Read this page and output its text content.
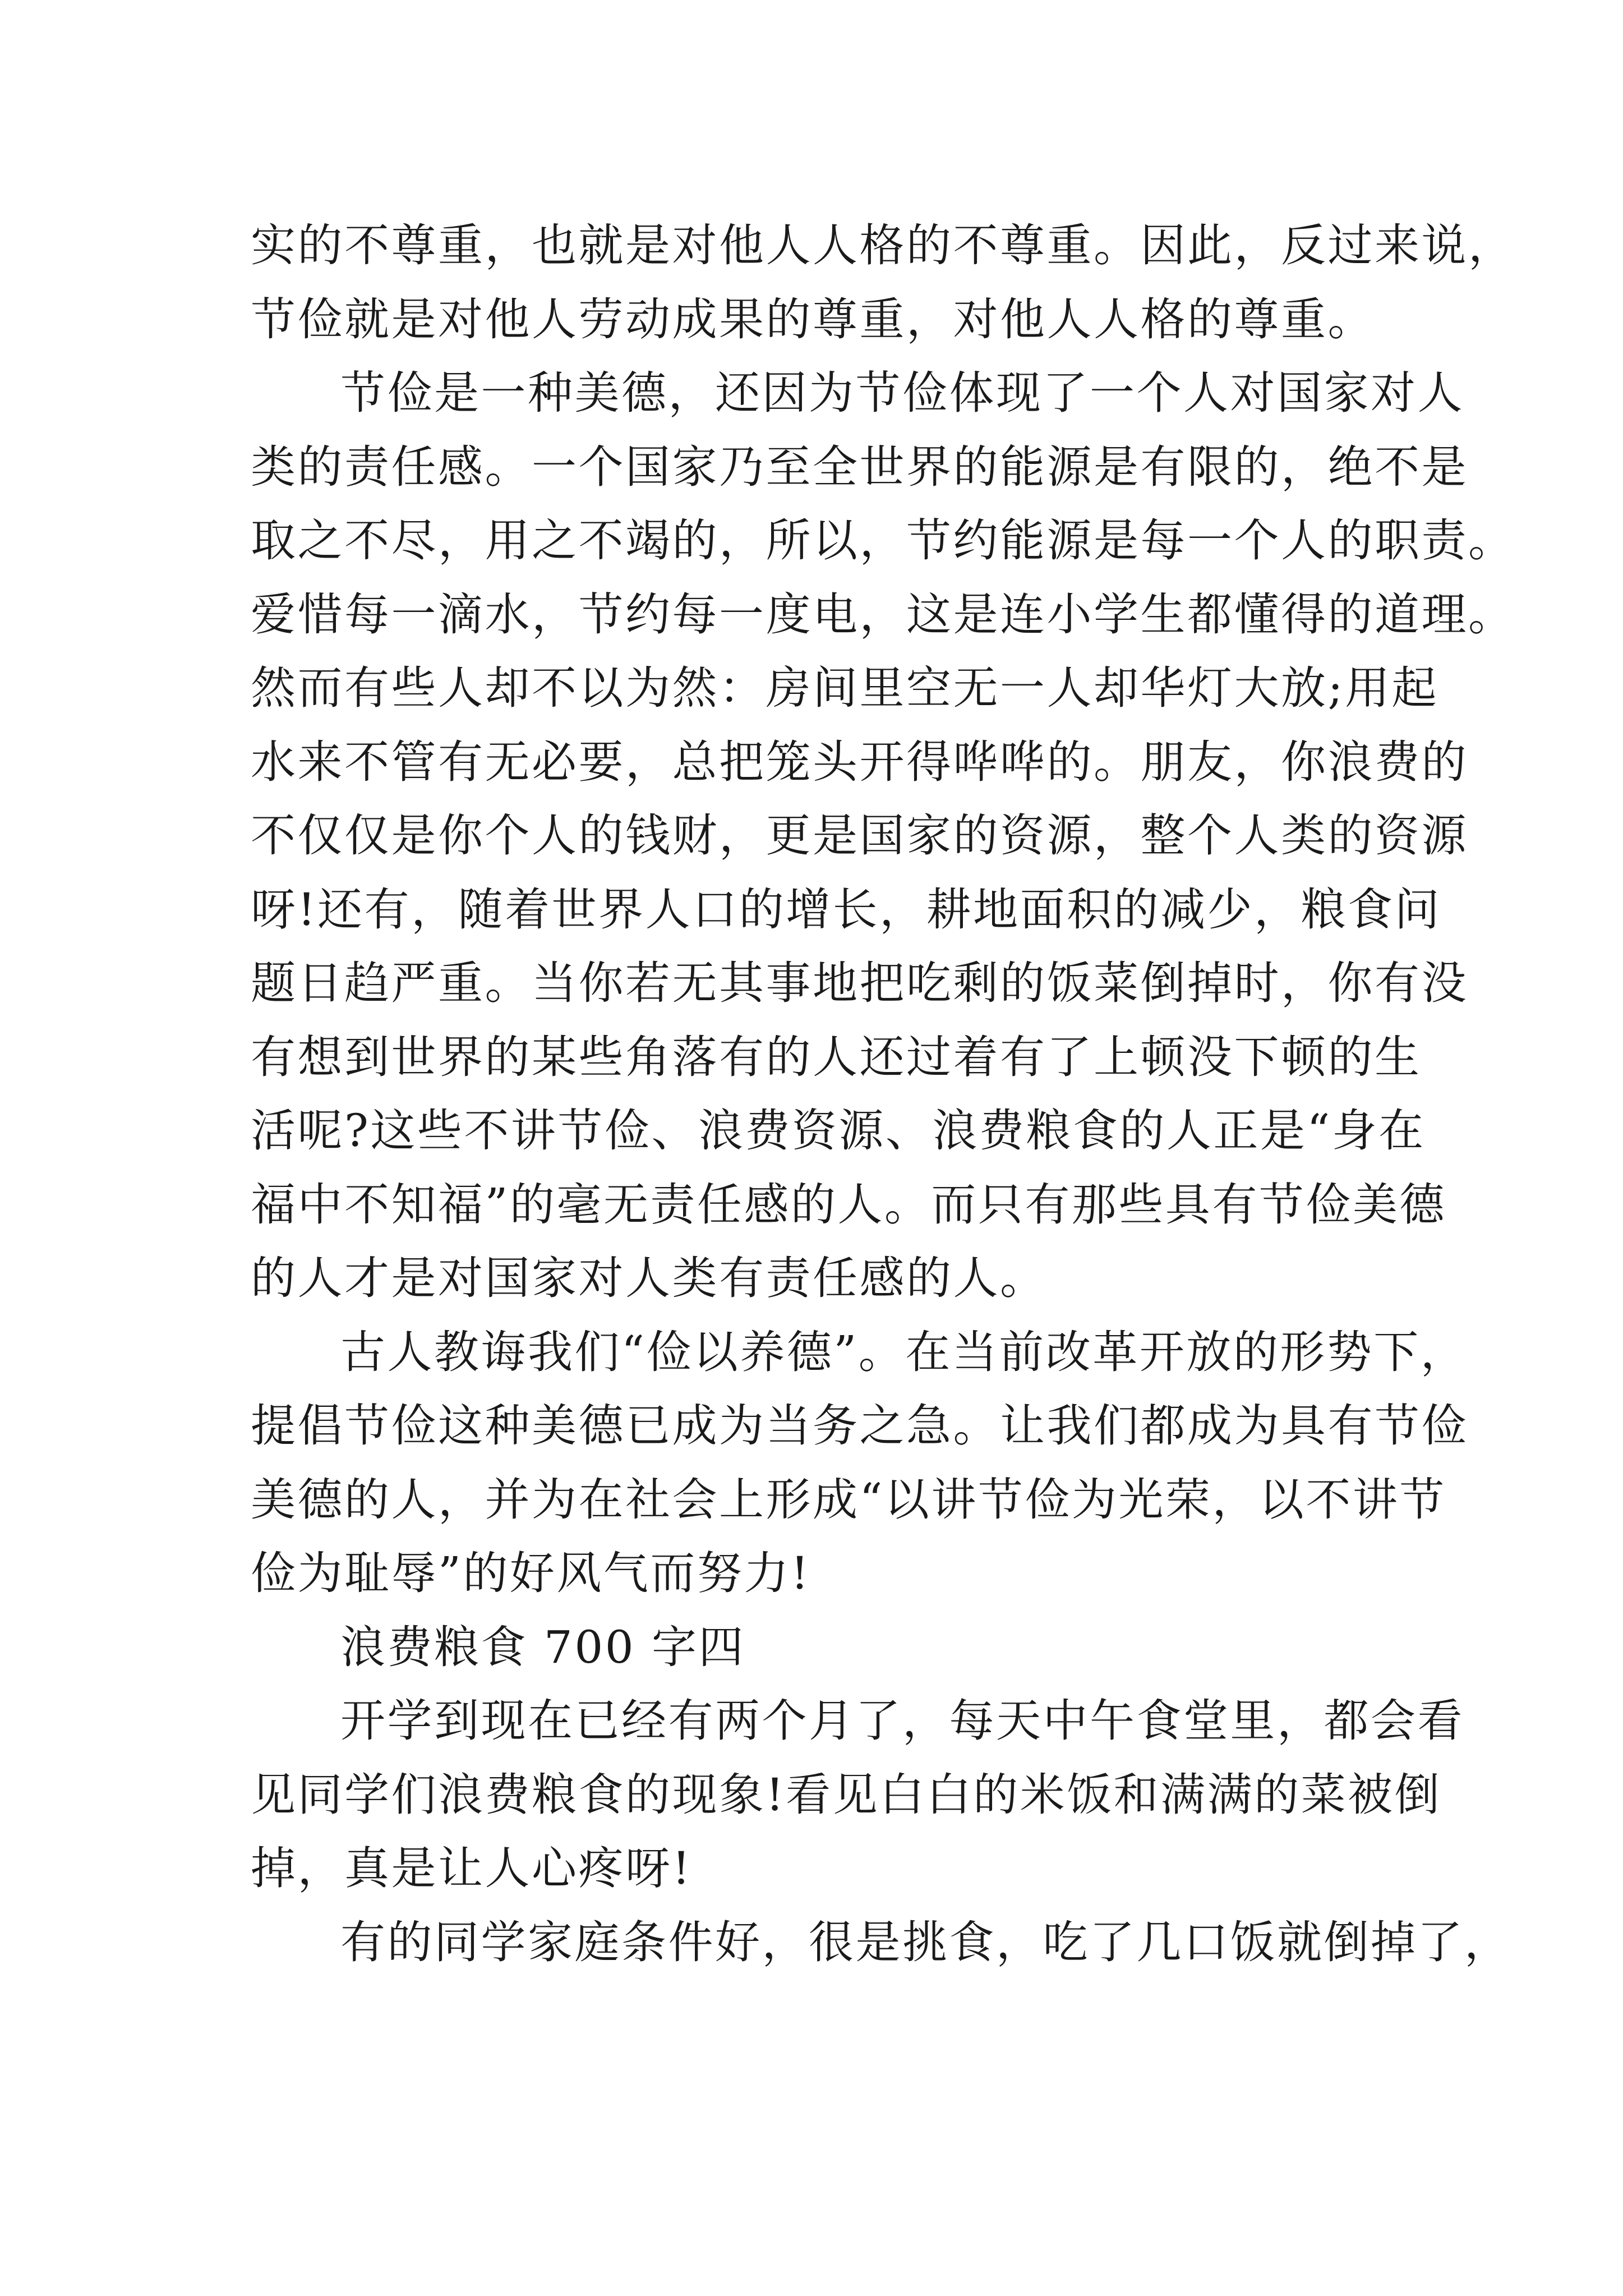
实的不尊重，也就是对他人人格的不尊重。因此，反过来说，
节俭就是对他人劳动成果的尊重，对他人人格的尊重。
节俭是一种美德，还因为节俭体现了一个人对国家对人
类的责任感。一个国家乃至全世界的能源是有限的，绝不是
取之不尽，用之不竭的，所以，节约能源是每一个人的职责。
爱惜每一滴水，节约每一度电，这是连小学生都懂得的道理。
然而有些人却不以为然：房间里空无一人却华灯大放;用起
水来不管有无必要，总把笼头开得哗哗的。朋友，你浪费的
不仅仅是你个人的钱财，更是国家的资源，整个人类的资源
呀!还有，随着世界人口的增长，耕地面积的减少，粮食问
题日趋严重。当你若无其事地把吃剩的饭菜倒掉时，你有没
有想到世界的某些角落有的人还过着有了上顿没下顿的生
活呢?这些不讲节俭、浪费资源、浪费粮食的人正是“身在
福中不知福”的毫无责任感的人。而只有那些具有节俭美德
的人才是对国家对人类有责任感的人。
古人教诲我们“俭以养德”。在当前改革开放的形势下，
提倡节俭这种美德已成为当务之急。让我们都成为具有节俭
美德的人，并为在社会上形成“以讲节俭为光荣，以不讲节
俭为耻辱”的好风气而努力!
浪费粮食 700 字四
开学到现在已经有两个月了，每天中午食堂里，都会看
见同学们浪费粮食的现象!看见白白的米饭和满满的菜被倒
掉，真是让人心疼呀!
有的同学家庭条件好，很是挑食，吃了几口饭就倒掉了，
